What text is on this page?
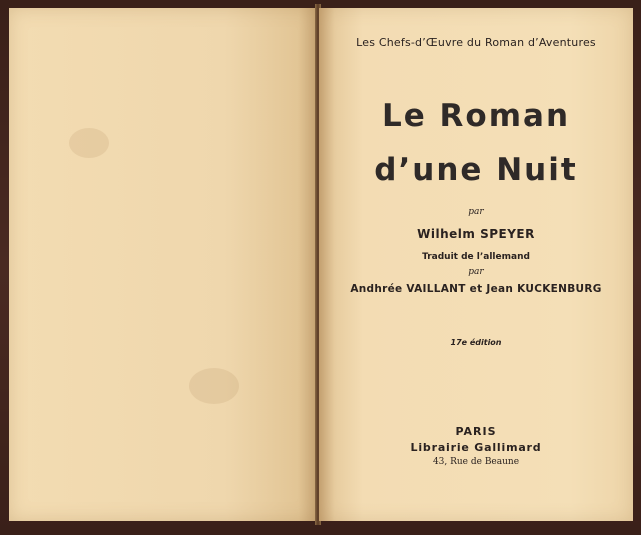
Les Chefs-d’Œuvre du Roman d’Aventures
Le Roman
d’une Nuit
par
Wilhelm SPEYER
Traduit de l’allemand
par
Andhrée VAILLANT et Jean KUCKENBURG
17e édition
PARIS
Librairie Gallimard
43, Rue de Beaune
